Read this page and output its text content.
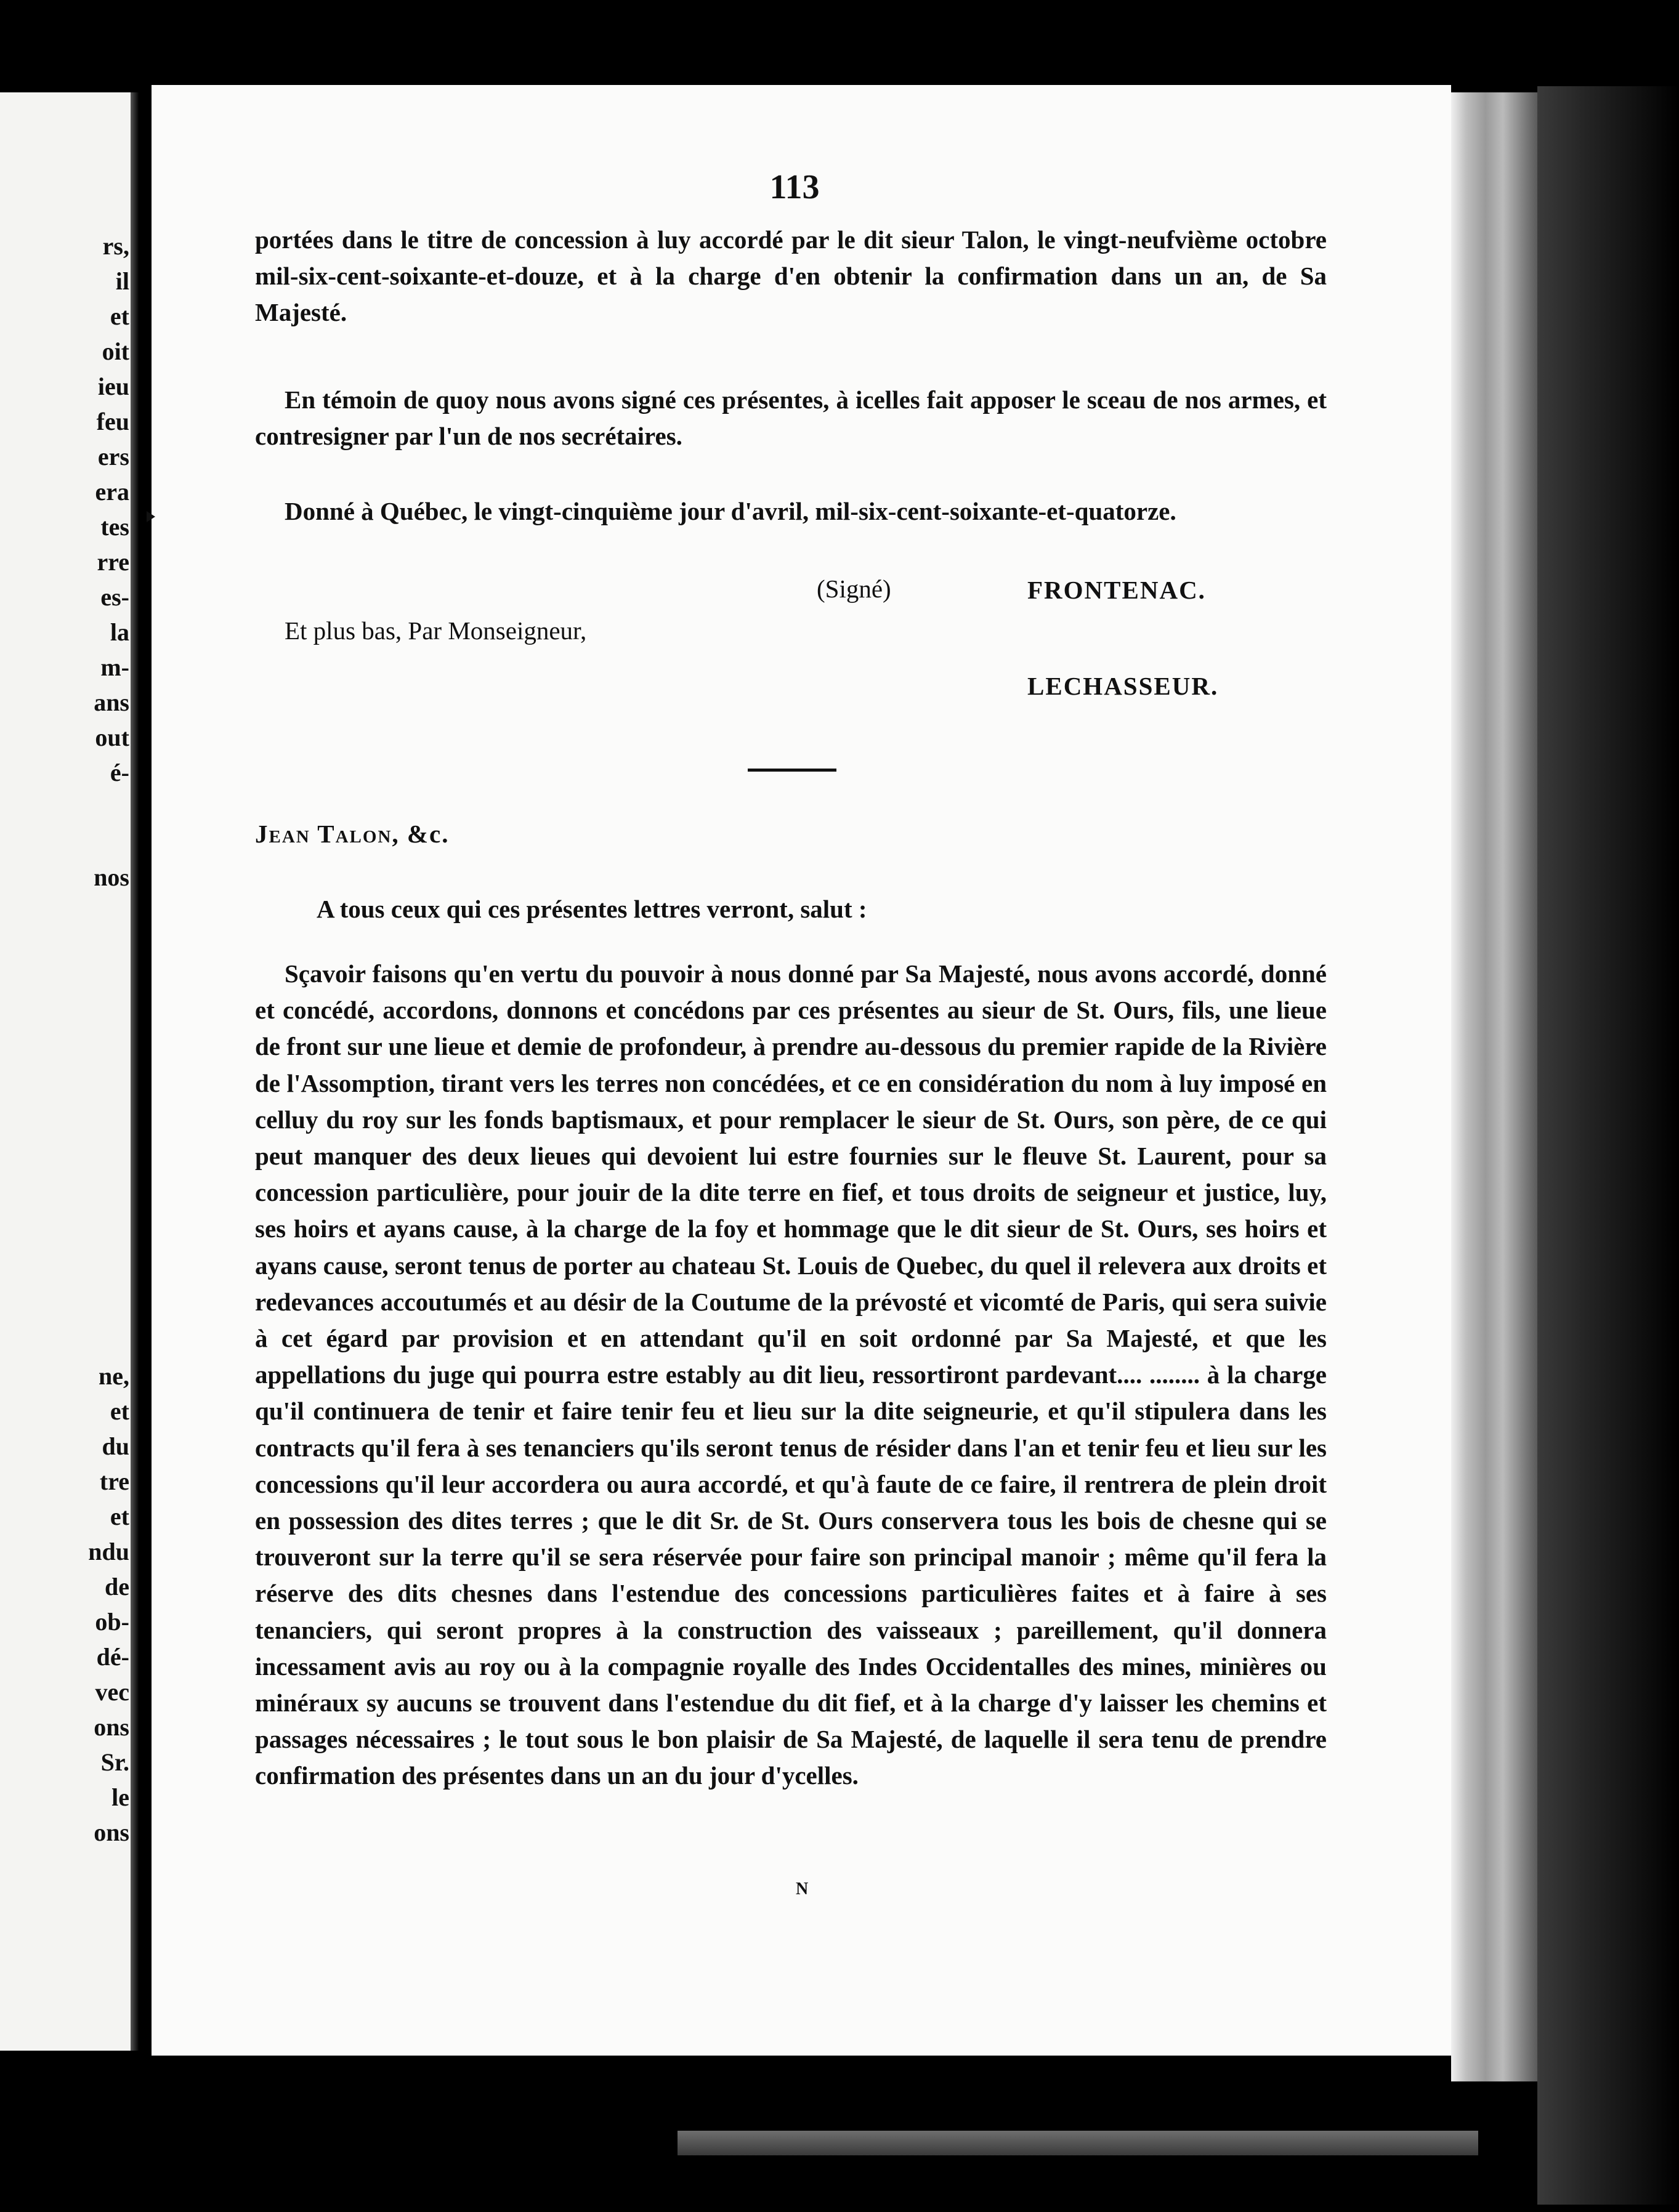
rs,
il
et
oit
ieu
feu
ers
era
tes
rre
es-
la
m-
ans
out
é-
nos
ne,
et
du
tre
et
ndu
de
ob-
dé-
vec
ons
Sr.
le
ons
113

portées dans le titre de concession à luy accordé par le dit sieur Talon, le vingt-neufvième octobre mil-six-cent-soixante-et-douze, et à la charge d'en obtenir la confirmation dans un an, de Sa Majesté.

En témoin de quoy nous avons signé ces présentes, à icelles fait apposer le sceau de nos armes, et contresigner par l'un de nos secrétaires.

Donné à Québec, le vingt-cinquième jour d'avril, mil-six-cent-soixante-et-quatorze.
(Signé)	FRONTENAC.
Et plus bas, Par Monseigneur,
LECHASSEUR.
Jean Talon, &c.
A tous ceux qui ces présentes lettres verront, salut :

Sçavoir faisons qu'en vertu du pouvoir à nous donné par Sa Majesté, nous avons accordé, donné et concédé, accordons, donnons et concédons par ces présentes au sieur de St. Ours, fils, une lieue de front sur une lieue et demie de profondeur, à prendre au-dessous du premier rapide de la Rivière de l'Assomption, tirant vers les terres non concédées, et ce en considération du nom à luy imposé en celluy du roy sur les fonds baptismaux, et pour remplacer le sieur de St. Ours, son père, de ce qui peut manquer des deux lieues qui devoient lui estre fournies sur le fleuve St. Laurent, pour sa concession particulière, pour jouir de la dite terre en fief, et tous droits de seigneur et justice, luy, ses hoirs et ayans cause, à la charge de la foy et hommage que le dit sieur de St. Ours, ses hoirs et ayans cause, seront tenus de porter au chateau St. Louis de Quebec, du quel il relevera aux droits et redevances accoutumés et au désir de la Coutume de la prévosté et vicomté de Paris, qui sera suivie à cet égard par provision et en attendant qu'il en soit ordonné par Sa Majesté, et que les appellations du juge qui pourra estre estably au dit lieu, ressortiront pardevant.... ........ à la charge qu'il continuera de tenir et faire tenir feu et lieu sur la dite seigneurie, et qu'il stipulera dans les contracts qu'il fera à ses tenanciers qu'ils seront tenus de résider dans l'an et tenir feu et lieu sur les concessions qu'il leur accordera ou aura accordé, et qu'à faute de ce faire, il rentrera de plein droit en possession des dites terres ; que le dit Sr. de St. Ours conservera tous les bois de chesne qui se trouveront sur la terre qu'il se sera réservée pour faire son principal manoir ; même qu'il fera la réserve des dits chesnes dans l'estendue des concessions particulières faites et à faire à ses tenanciers, qui seront propres à la construction des vaisseaux ; pareillement, qu'il donnera incessament avis au roy ou à la compagnie royalle des Indes Occidentalles des mines, minières ou minéraux sy aucuns se trouvent dans l'estendue du dit fief, et à la charge d'y laisser les chemins et passages nécessaires ; le tout sous le bon plaisir de Sa Majesté, de laquelle il sera tenu de prendre confirmation des présentes dans un an du jour d'ycelles.

N
